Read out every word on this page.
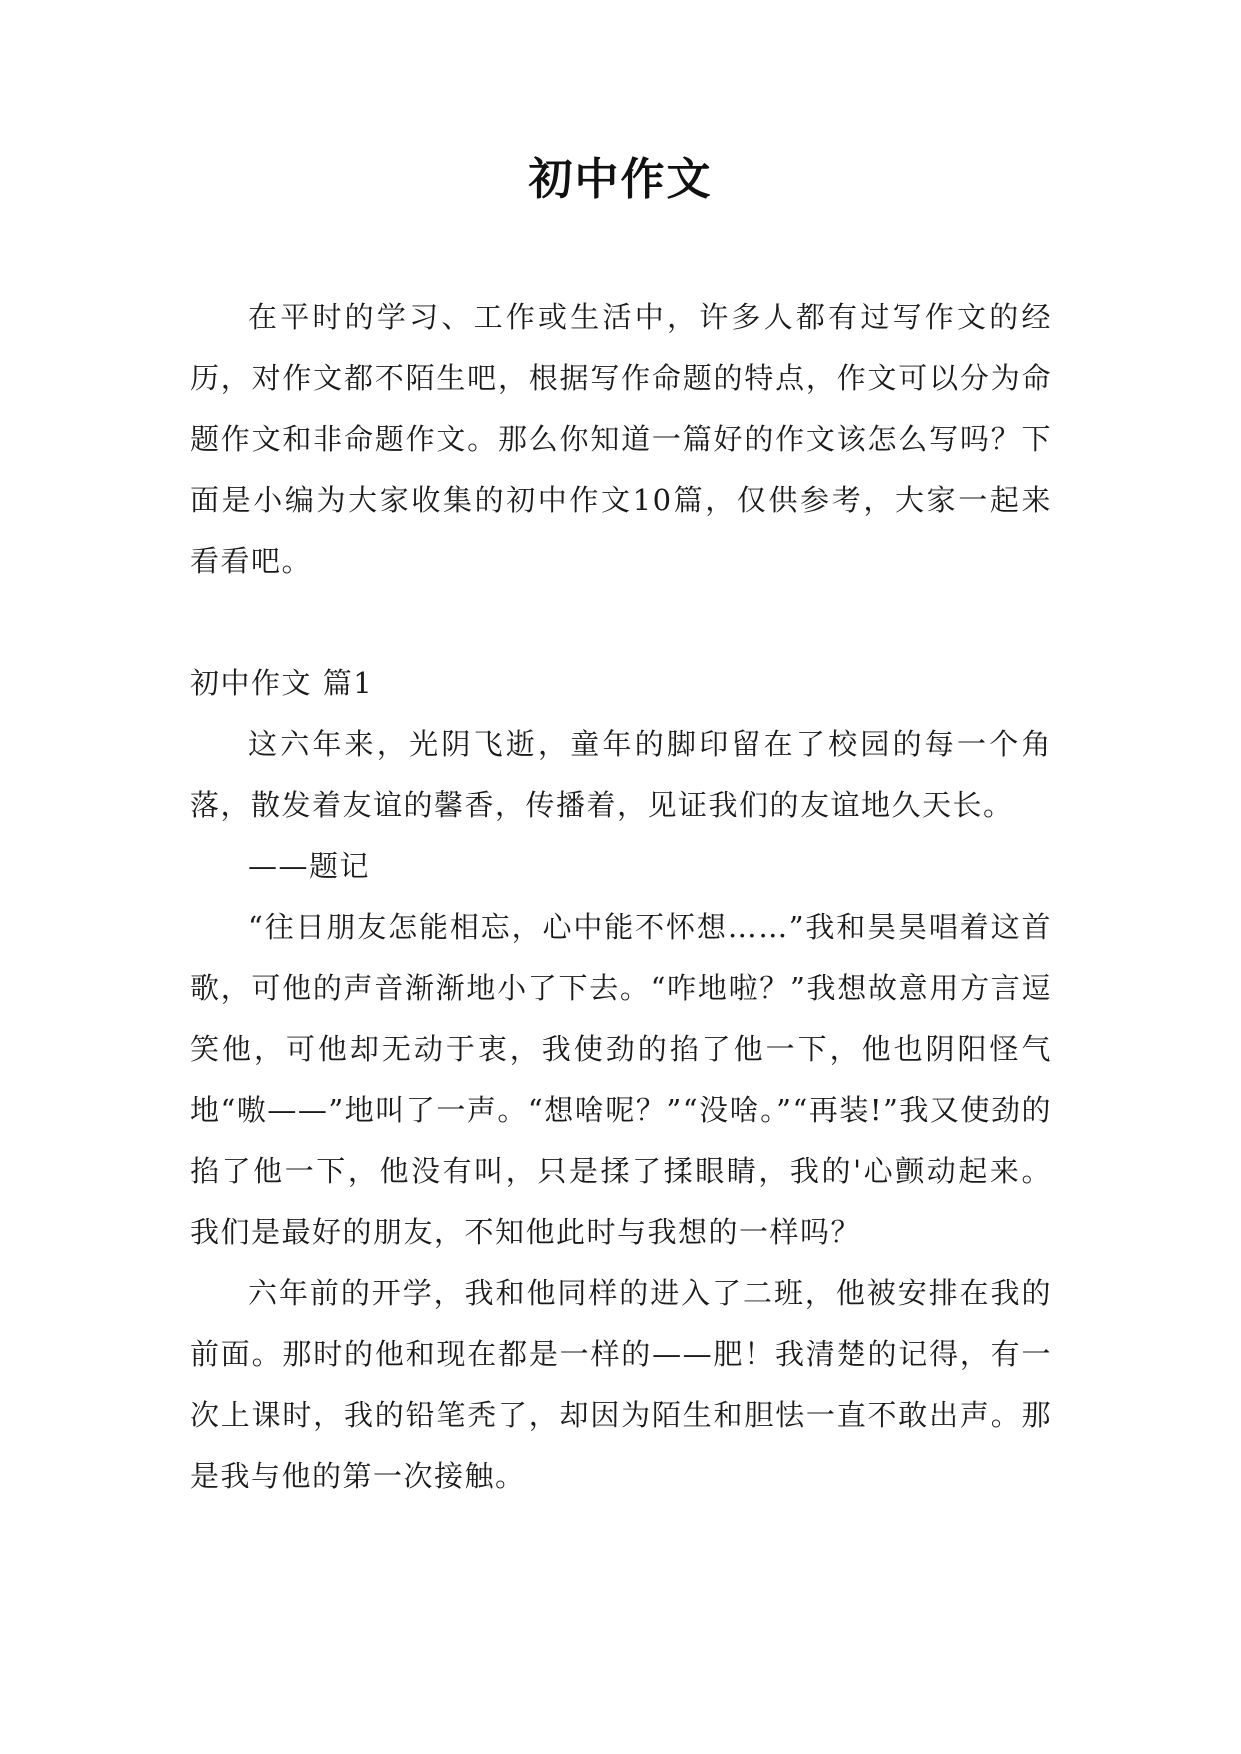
初中作文

在平时的学习、工作或生活中，许多人都有过写作文的经历，对作文都不陌生吧，根据写作命题的特点，作文可以分为命题作文和非命题作文。那么你知道一篇好的作文该怎么写吗？下面是小编为大家收集的初中作文10篇，仅供参考，大家一起来看看吧。

初中作文 篇1

这六年来，光阴飞逝，童年的脚印留在了校园的每一个角落，散发着友谊的馨香，传播着，见证我们的友谊地久天长。

——题记

“往日朋友怎能相忘，心中能不怀想……”我和昊昊唱着这首歌，可他的声音渐渐地小了下去。“咋地啦？”我想故意用方言逗笑他，可他却无动于衷，我使劲的掐了他一下，他也阴阳怪气地“嗷——”地叫了一声。“想啥呢？”“没啥。”“再装!”我又使劲的掐了他一下，他没有叫，只是揉了揉眼睛，我的'心颤动起来。我们是最好的朋友，不知他此时与我想的一样吗？

六年前的开学，我和他同样的进入了二班，他被安排在我的前面。那时的他和现在都是一样的——肥！我清楚的记得，有一次上课时，我的铅笔秃了，却因为陌生和胆怯一直不敢出声。那是我与他的第一次接触。
